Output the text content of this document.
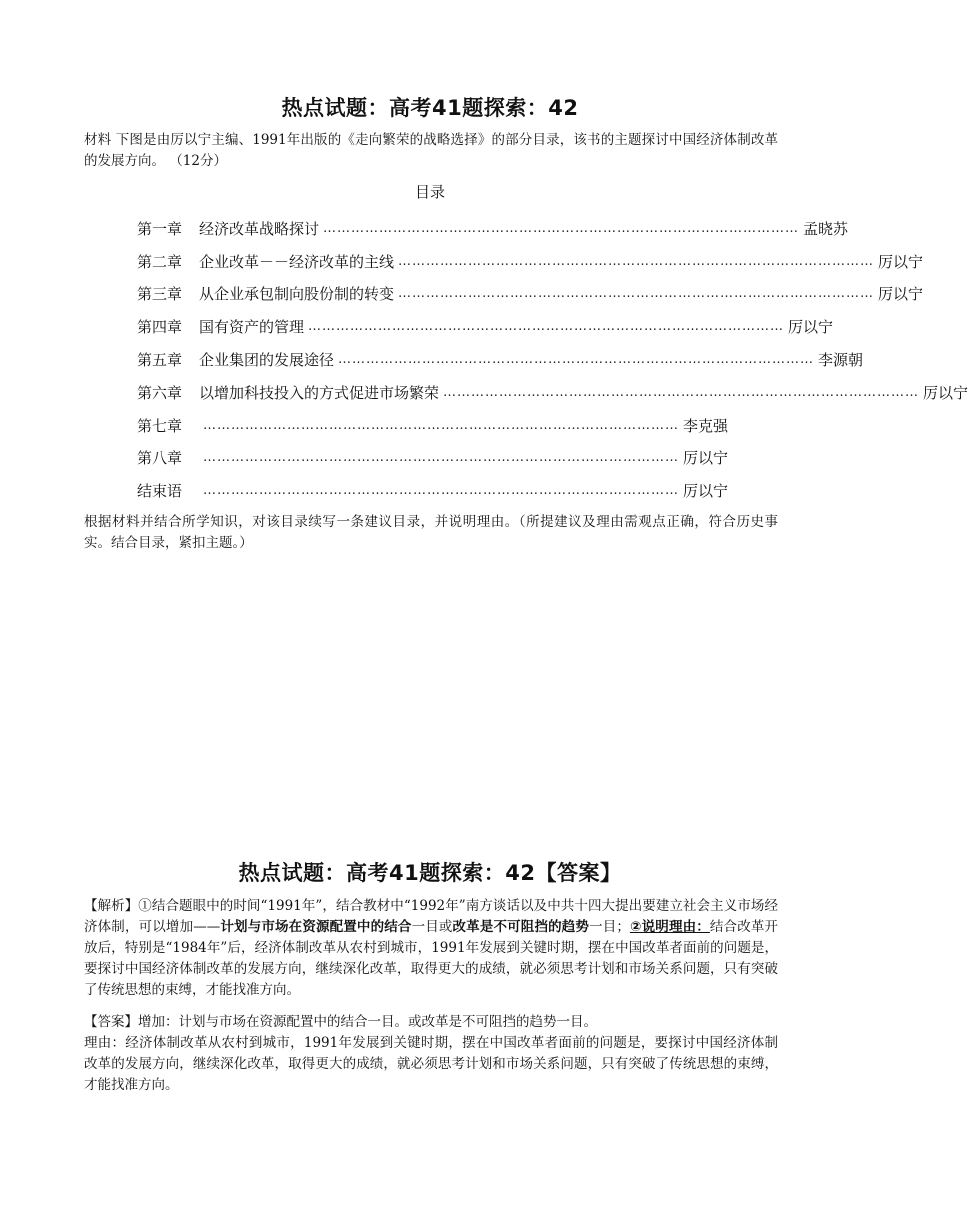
热点试题：高考41题探索：42
材料 下图是由厉以宁主编、1991年出版的《走向繁荣的战略选择》的部分目录，该书的主题探讨中国经济体制改革的发展方向。 （12分）
目录
第一章	经济改革战略探讨 ………………………………………………………………………………………… 孟晓苏
第二章	企业改革－－经济改革的主线 ………………………………………………………………………………………… 厉以宁
第三章	从企业承包制向股份制的转变 ………………………………………………………………………………………… 厉以宁
第四章	国有资产的管理 ………………………………………………………………………………………… 厉以宁
第五章	企业集团的发展途径 ………………………………………………………………………………………… 李源朝
第六章	以增加科技投入的方式促进市场繁荣 ………………………………………………………………………………………… 厉以宁
第七章	………………………………………………………………………………………… 李克强
第八章	………………………………………………………………………………………… 厉以宁
结束语	………………………………………………………………………………………… 厉以宁
根据材料并结合所学知识，对该目录续写一条建议目录，并说明理由。（所提建议及理由需观点正确，符合历史事实。结合目录，紧扣主题。）
热点试题：高考41题探索：42【答案】
【解析】①结合题眼中的时间“1991年”，结合教材中“1992年”南方谈话以及中共十四大提出要建立社会主义市场经济体制，可以增加——计划与市场在资源配置中的结合一目或改革是不可阻挡的趋势一目；②说明理由：结合改革开放后，特别是“1984年”后，经济体制改革从农村到城市，1991年发展到关键时期，摆在中国改革者面前的问题是，要探讨中国经济体制改革的发展方向，继续深化改革，取得更大的成绩，就必须思考计划和市场关系问题，只有突破了传统思想的束缚，才能找准方向。
【答案】增加：计划与市场在资源配置中的结合一目。或改革是不可阻挡的趋势一目。
理由：经济体制改革从农村到城市，1991年发展到关键时期，摆在中国改革者面前的问题是，要探讨中国经济体制改革的发展方向，继续深化改革，取得更大的成绩，就必须思考计划和市场关系问题，只有突破了传统思想的束缚，才能找准方向。
